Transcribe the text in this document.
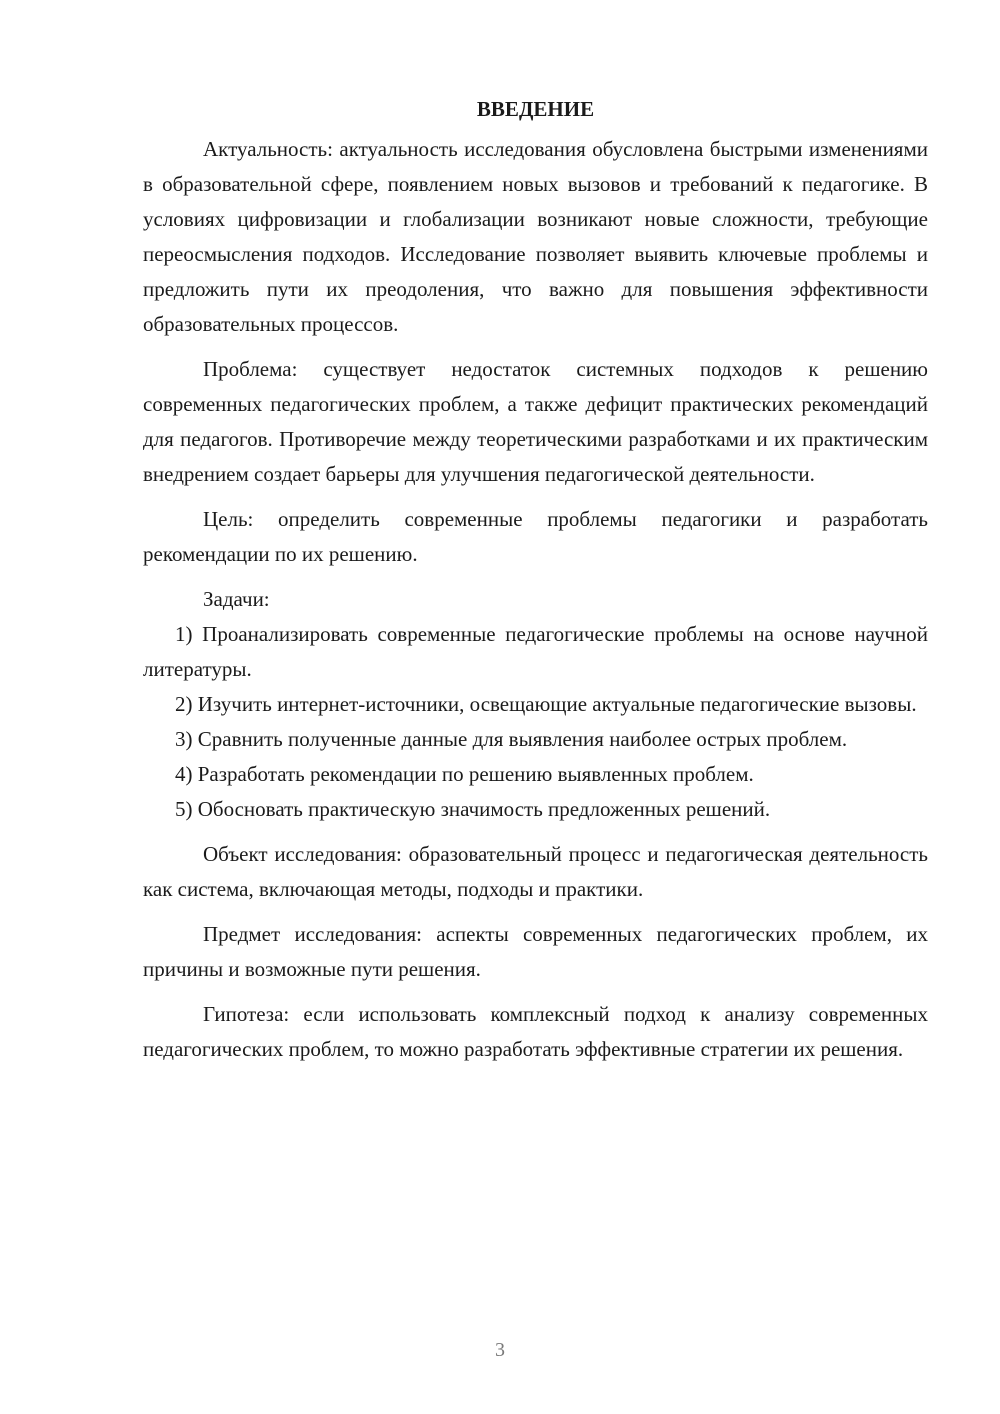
ВВЕДЕНИЕ

Актуальность: актуальность исследования обусловлена быстрыми изменениями в образовательной сфере, появлением новых вызовов и требований к педагогике. В условиях цифровизации и глобализации возникают новые сложности, требующие переосмысления подходов. Исследование позволяет выявить ключевые проблемы и предложить пути их преодоления, что важно для повышения эффективности образовательных процессов.

Проблема: существует недостаток системных подходов к решению современных педагогических проблем, а также дефицит практических рекомендаций для педагогов. Противоречие между теоретическими разработками и их практическим внедрением создает барьеры для улучшения педагогической деятельности.

Цель: определить современные проблемы педагогики и разработать рекомендации по их решению.

Задачи:

1) Проанализировать современные педагогические проблемы на основе научной литературы.

2) Изучить интернет-источники, освещающие актуальные педагогические вызовы.

3) Сравнить полученные данные для выявления наиболее острых проблем.

4) Разработать рекомендации по решению выявленных проблем.

5) Обосновать практическую значимость предложенных решений.

Объект исследования: образовательный процесс и педагогическая деятельность как система, включающая методы, подходы и практики.

Предмет исследования: аспекты современных педагогических проблем, их причины и возможные пути решения.

Гипотеза: если использовать комплексный подход к анализу современных педагогических проблем, то можно разработать эффективные стратегии их решения.

3
